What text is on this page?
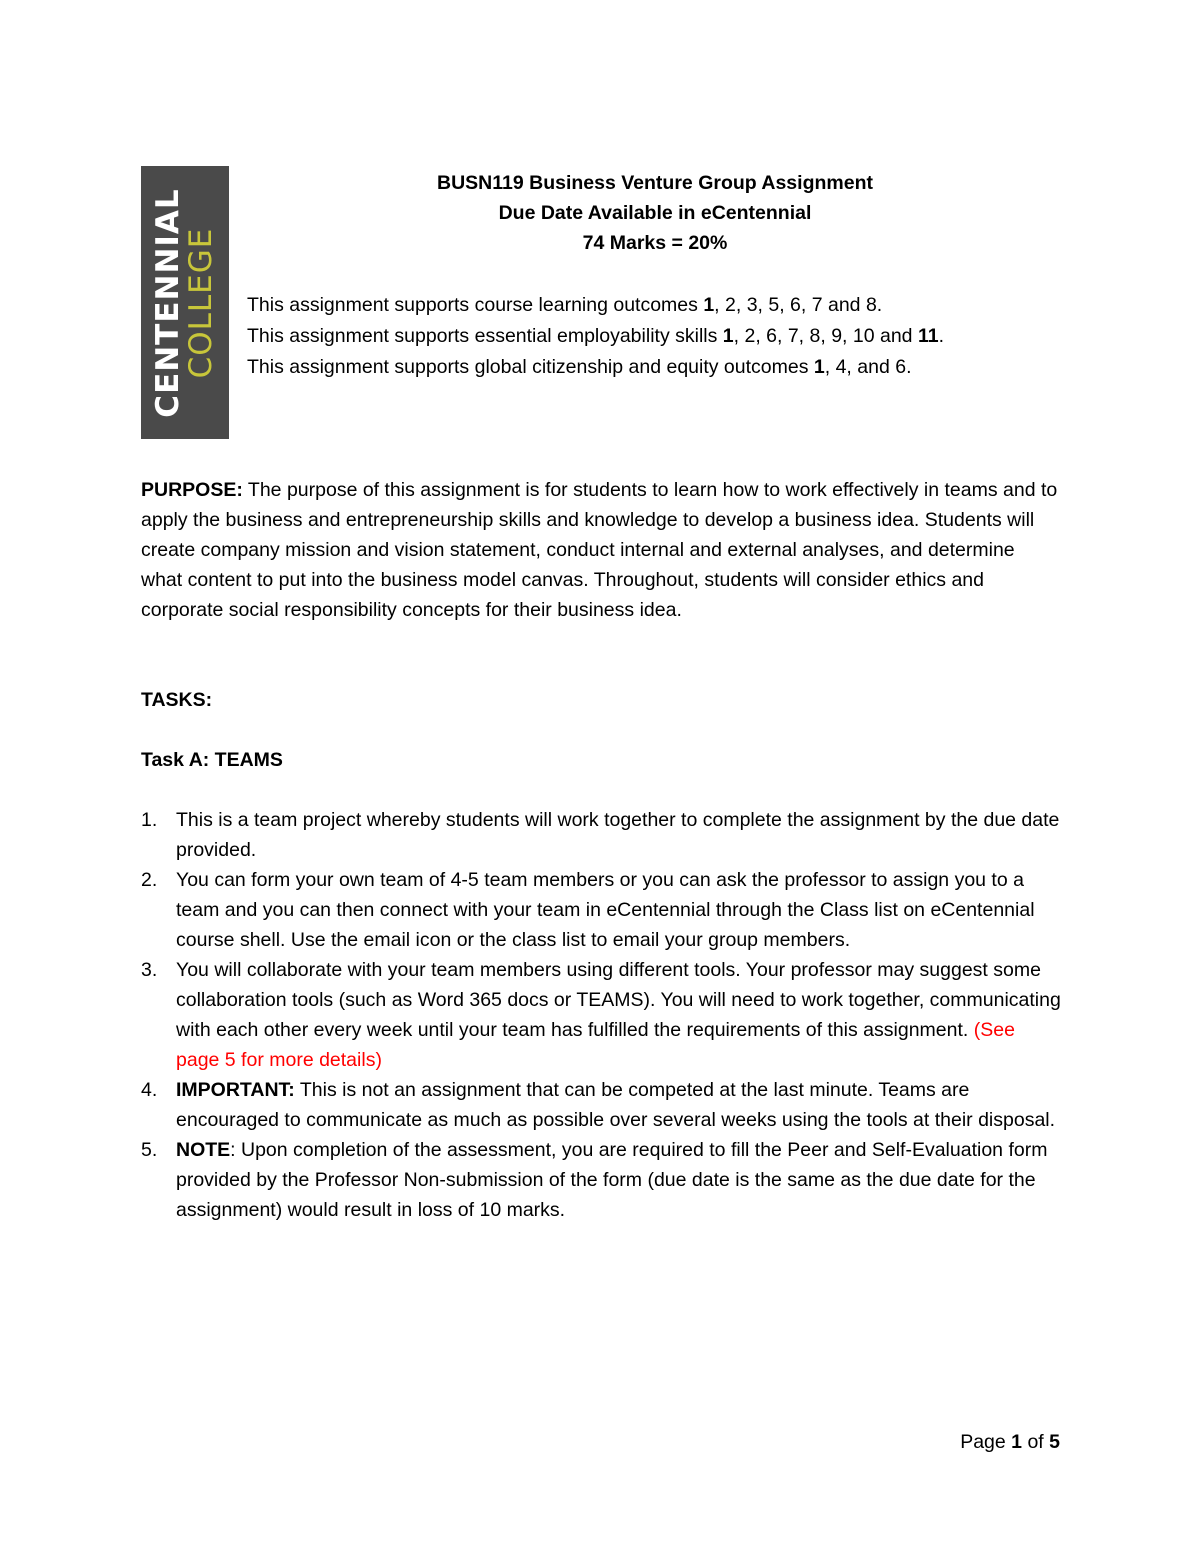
CENTENNIAL
COLLEGE
BUSN119 Business Venture Group Assignment
Due Date Available in eCentennial
74 Marks = 20%
This assignment supports course learning outcomes 1, 2, 3, 5, 6, 7 and 8.
This assignment supports essential employability skills 1, 2, 6, 7, 8, 9, 10 and 11.
This assignment supports global citizenship and equity outcomes 1, 4, and 6.
PURPOSE: The purpose of this assignment is for students to learn how to work effectively in teams and to apply the business and entrepreneurship skills and knowledge to develop a business idea. Students will create company mission and vision statement, conduct internal and external analyses, and determine what content to put into the business model canvas. Throughout, students will consider ethics and corporate social responsibility concepts for their business idea.
TASKS:
Task A: TEAMS
1. This is a team project whereby students will work together to complete the assignment by the due date provided.
2. You can form your own team of 4-5 team members or you can ask the professor to assign you to a team and you can then connect with your team in eCentennial through the Class list on eCentennial course shell. Use the email icon or the class list to email your group members.
3. You will collaborate with your team members using different tools. Your professor may suggest some collaboration tools (such as Word 365 docs or TEAMS). You will need to work together, communicating with each other every week until your team has fulfilled the requirements of this assignment. (See page 5 for more details)
4. IMPORTANT: This is not an assignment that can be competed at the last minute. Teams are encouraged to communicate as much as possible over several weeks using the tools at their disposal.
5. NOTE: Upon completion of the assessment, you are required to fill the Peer and Self-Evaluation form provided by the Professor Non-submission of the form (due date is the same as the due date for the assignment) would result in loss of 10 marks.
Page 1 of 5
